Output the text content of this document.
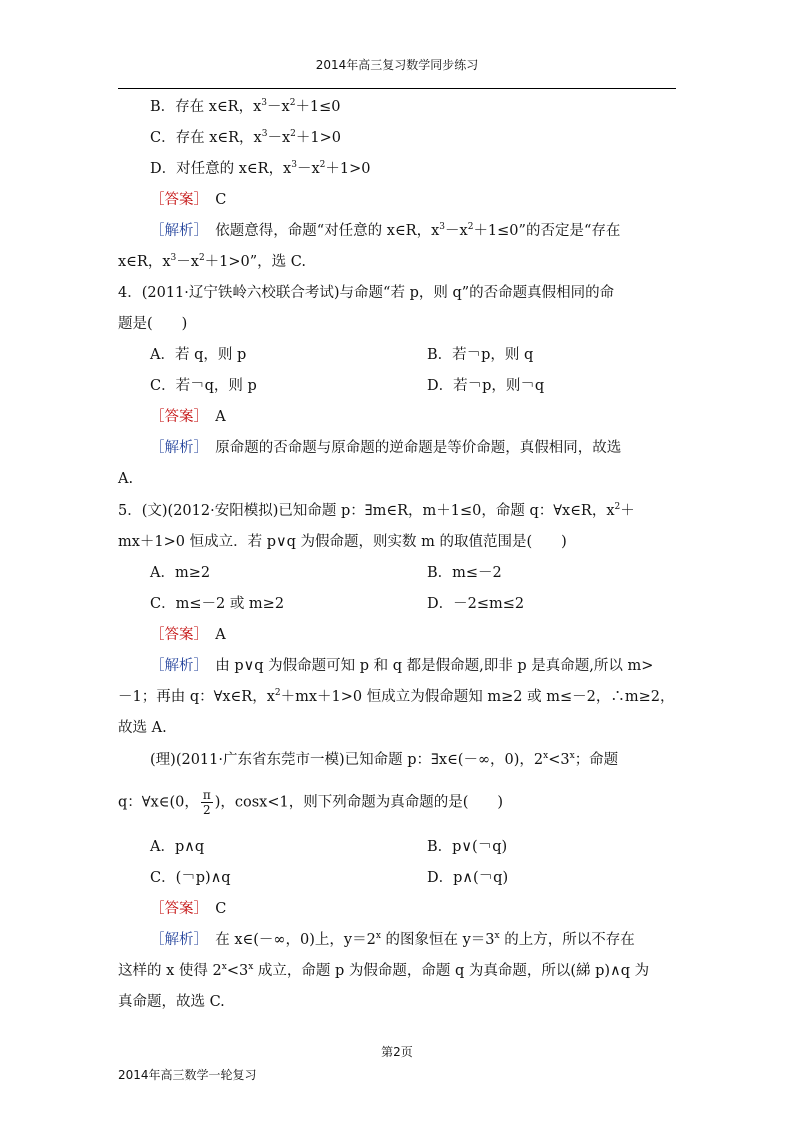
2014年高三复习数学同步练习
B．存在 x∈R，$x^3-x^2+1\le 0$
C．存在 x∈R，$x^3-x^2+1>0$
D．对任意的 x∈R，$x^3-x^2+1>0$
［答案］　 C
［解析］　 依题意得，命题“对任意的 x∈R，$x^3-x^2+1\le 0$”的否定是“存在
x∈R，$x^3-x^2+1>0$”，选 C.
4．(2011·辽宁铁岭六校联合考试)与命题“若 p，则 q”的否命题真假相同的命
题是(　　)
A．若 q，则 p	B．若￢p，则 q
C．若￢q，则 p	D．若￢p，则￢q
［答案］　 A
［解析］　 原命题的否命题与原命题的逆命题是等价命题，真假相同，故选
A.
5．(文)(2012·安阳模拟)已知命题 p：∃m∈R，m＋1≤0，命题 q：∀x∈R，$x^2+$
mx＋1>0 恒成立．若 p∨q 为假命题，则实数 m 的取值范围是(　　)
A．m≥2	B．m≤－2
C．m≤－2 或 m≥2	D．－2≤m≤2
［答案］　 A
［解析］　 由 p∨q 为假命题可知 p 和 q 都是假命题,即非 p 是真命题,所以 m>
－1；再由 q：∀x∈R，$x^2+mx+1>0$ 恒成立为假命题知 m≥2 或 m≤－2，∴m≥2，
故选 A.
(理)(2011·广东省东莞市一模)已知命题 p：∃x∈(－∞，0)，$2^x<3^x$；命题
q：∀x∈(0， $\frac{\pi}{2}$ )，cosx<1，则下列命题为真命题的是(　　)
A．p∧q	B．p∨(￢q)
C．(￢p)∧q	D．p∧(￢q)
［答案］　 C
［解析］　 在 x∈(－∞，0)上，$y=2^x$ 的图象恒在 $y=3^x$ 的上方，所以不存在
这样的 x 使得 $2^x<3^x$ 成立，命题 p 为假命题，命题 q 为真命题，所以(綈 p)∧q 为
真命题，故选 C.
第2页
2014年高三数学一轮复习
